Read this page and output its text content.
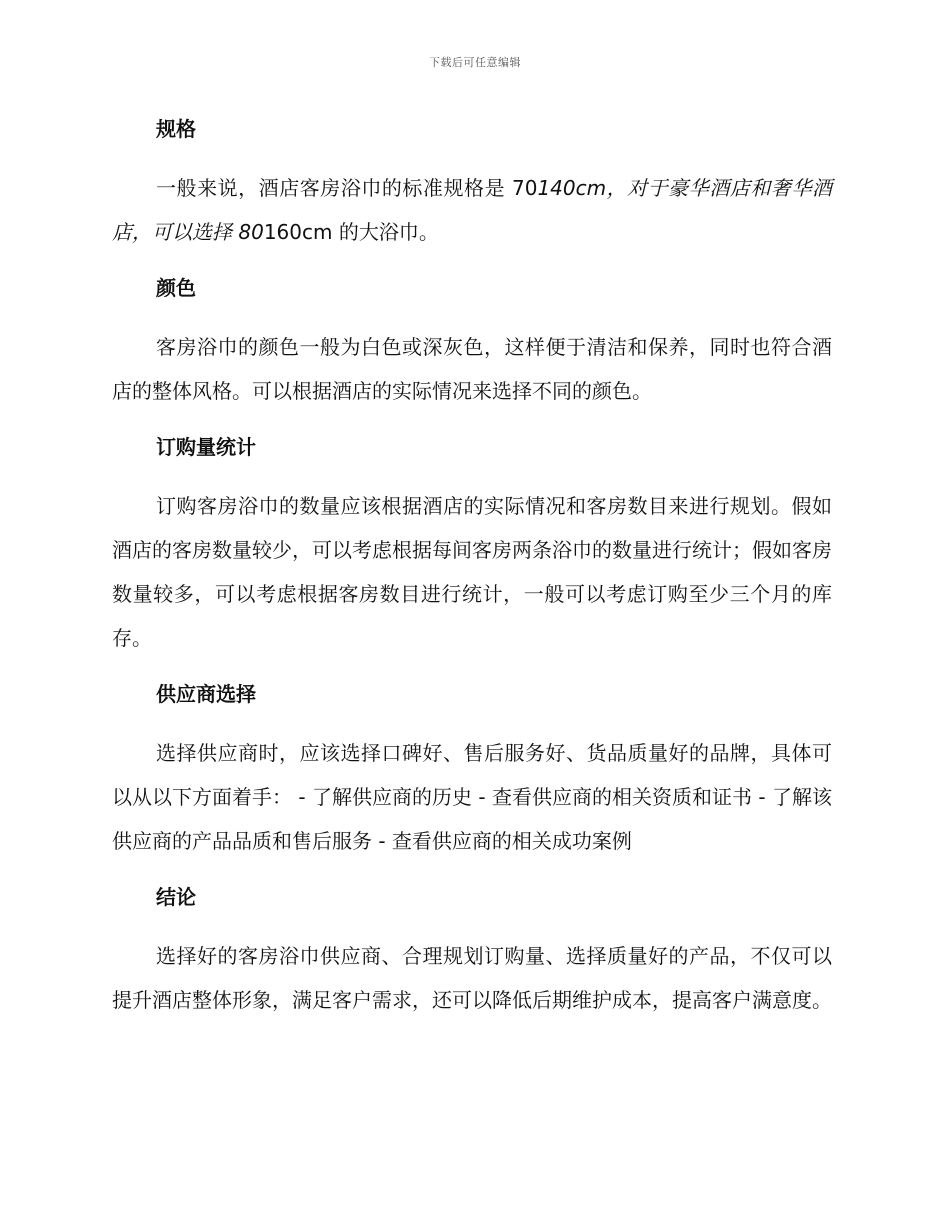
下载后可任意编辑
规格

一般来说，酒店客房浴巾的标准规格是 70140cm，对于豪华酒店和奢华酒店，可以选择 80160cm 的大浴巾。

颜色

客房浴巾的颜色一般为白色或深灰色，这样便于清洁和保养，同时也符合酒店的整体风格。可以根据酒店的实际情况来选择不同的颜色。

订购量统计

订购客房浴巾的数量应该根据酒店的实际情况和客房数目来进行规划。假如酒店的客房数量较少，可以考虑根据每间客房两条浴巾的数量进行统计；假如客房数量较多，可以考虑根据客房数目进行统计，一般可以考虑订购至少三个月的库存。

供应商选择

选择供应商时，应该选择口碑好、售后服务好、货品质量好的品牌，具体可以从以下方面着手： - 了解供应商的历史 - 查看供应商的相关资质和证书 - 了解该供应商的产品品质和售后服务 - 查看供应商的相关成功案例

结论

选择好的客房浴巾供应商、合理规划订购量、选择质量好的产品，不仅可以提升酒店整体形象，满足客户需求，还可以降低后期维护成本，提高客户满意度。
